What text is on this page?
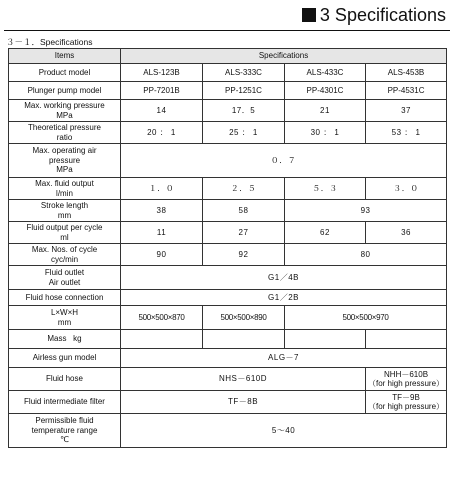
3 Specifications
３－１．Specifications
Items	Specifications			
Product model	ALS-123B	ALS-333C	ALS-433C	ALS-453B
Plunger pump model	PP-7201B	PP-1251C	PP-4301C	PP-4531C

Max. working pressure
MPa	14	17．5	21	37

Theoretical pressure
ratio	20 ： 1	25 ： 1	30 ： 1	53 ： 1

Max. operating air
pressure
MPa	０．７			

Max. fluid output
l/min	１．０	２．５	５．３	３．０

Stroke length
mm	38	58	93	

Fluid output per cycle
ml	11	27	62	36

Max. Nos. of cycle
cyc/min	90	92	80	

Fluid outlet
Air outlet	G1／4B			
Fluid hose connection	G1／2B			

L×W×H
mm	500×500×870	500×500×890	500×500×970	
Mass   kg				
Airless gun model	ALG－7			
Fluid hose	NHS－610D			NHH－610B
（for high pressure）

Fluid intermediate filter	TF－8B			TF－9B
（for high pressure）

Permissible fluid
temperature range
℃	5～40			
